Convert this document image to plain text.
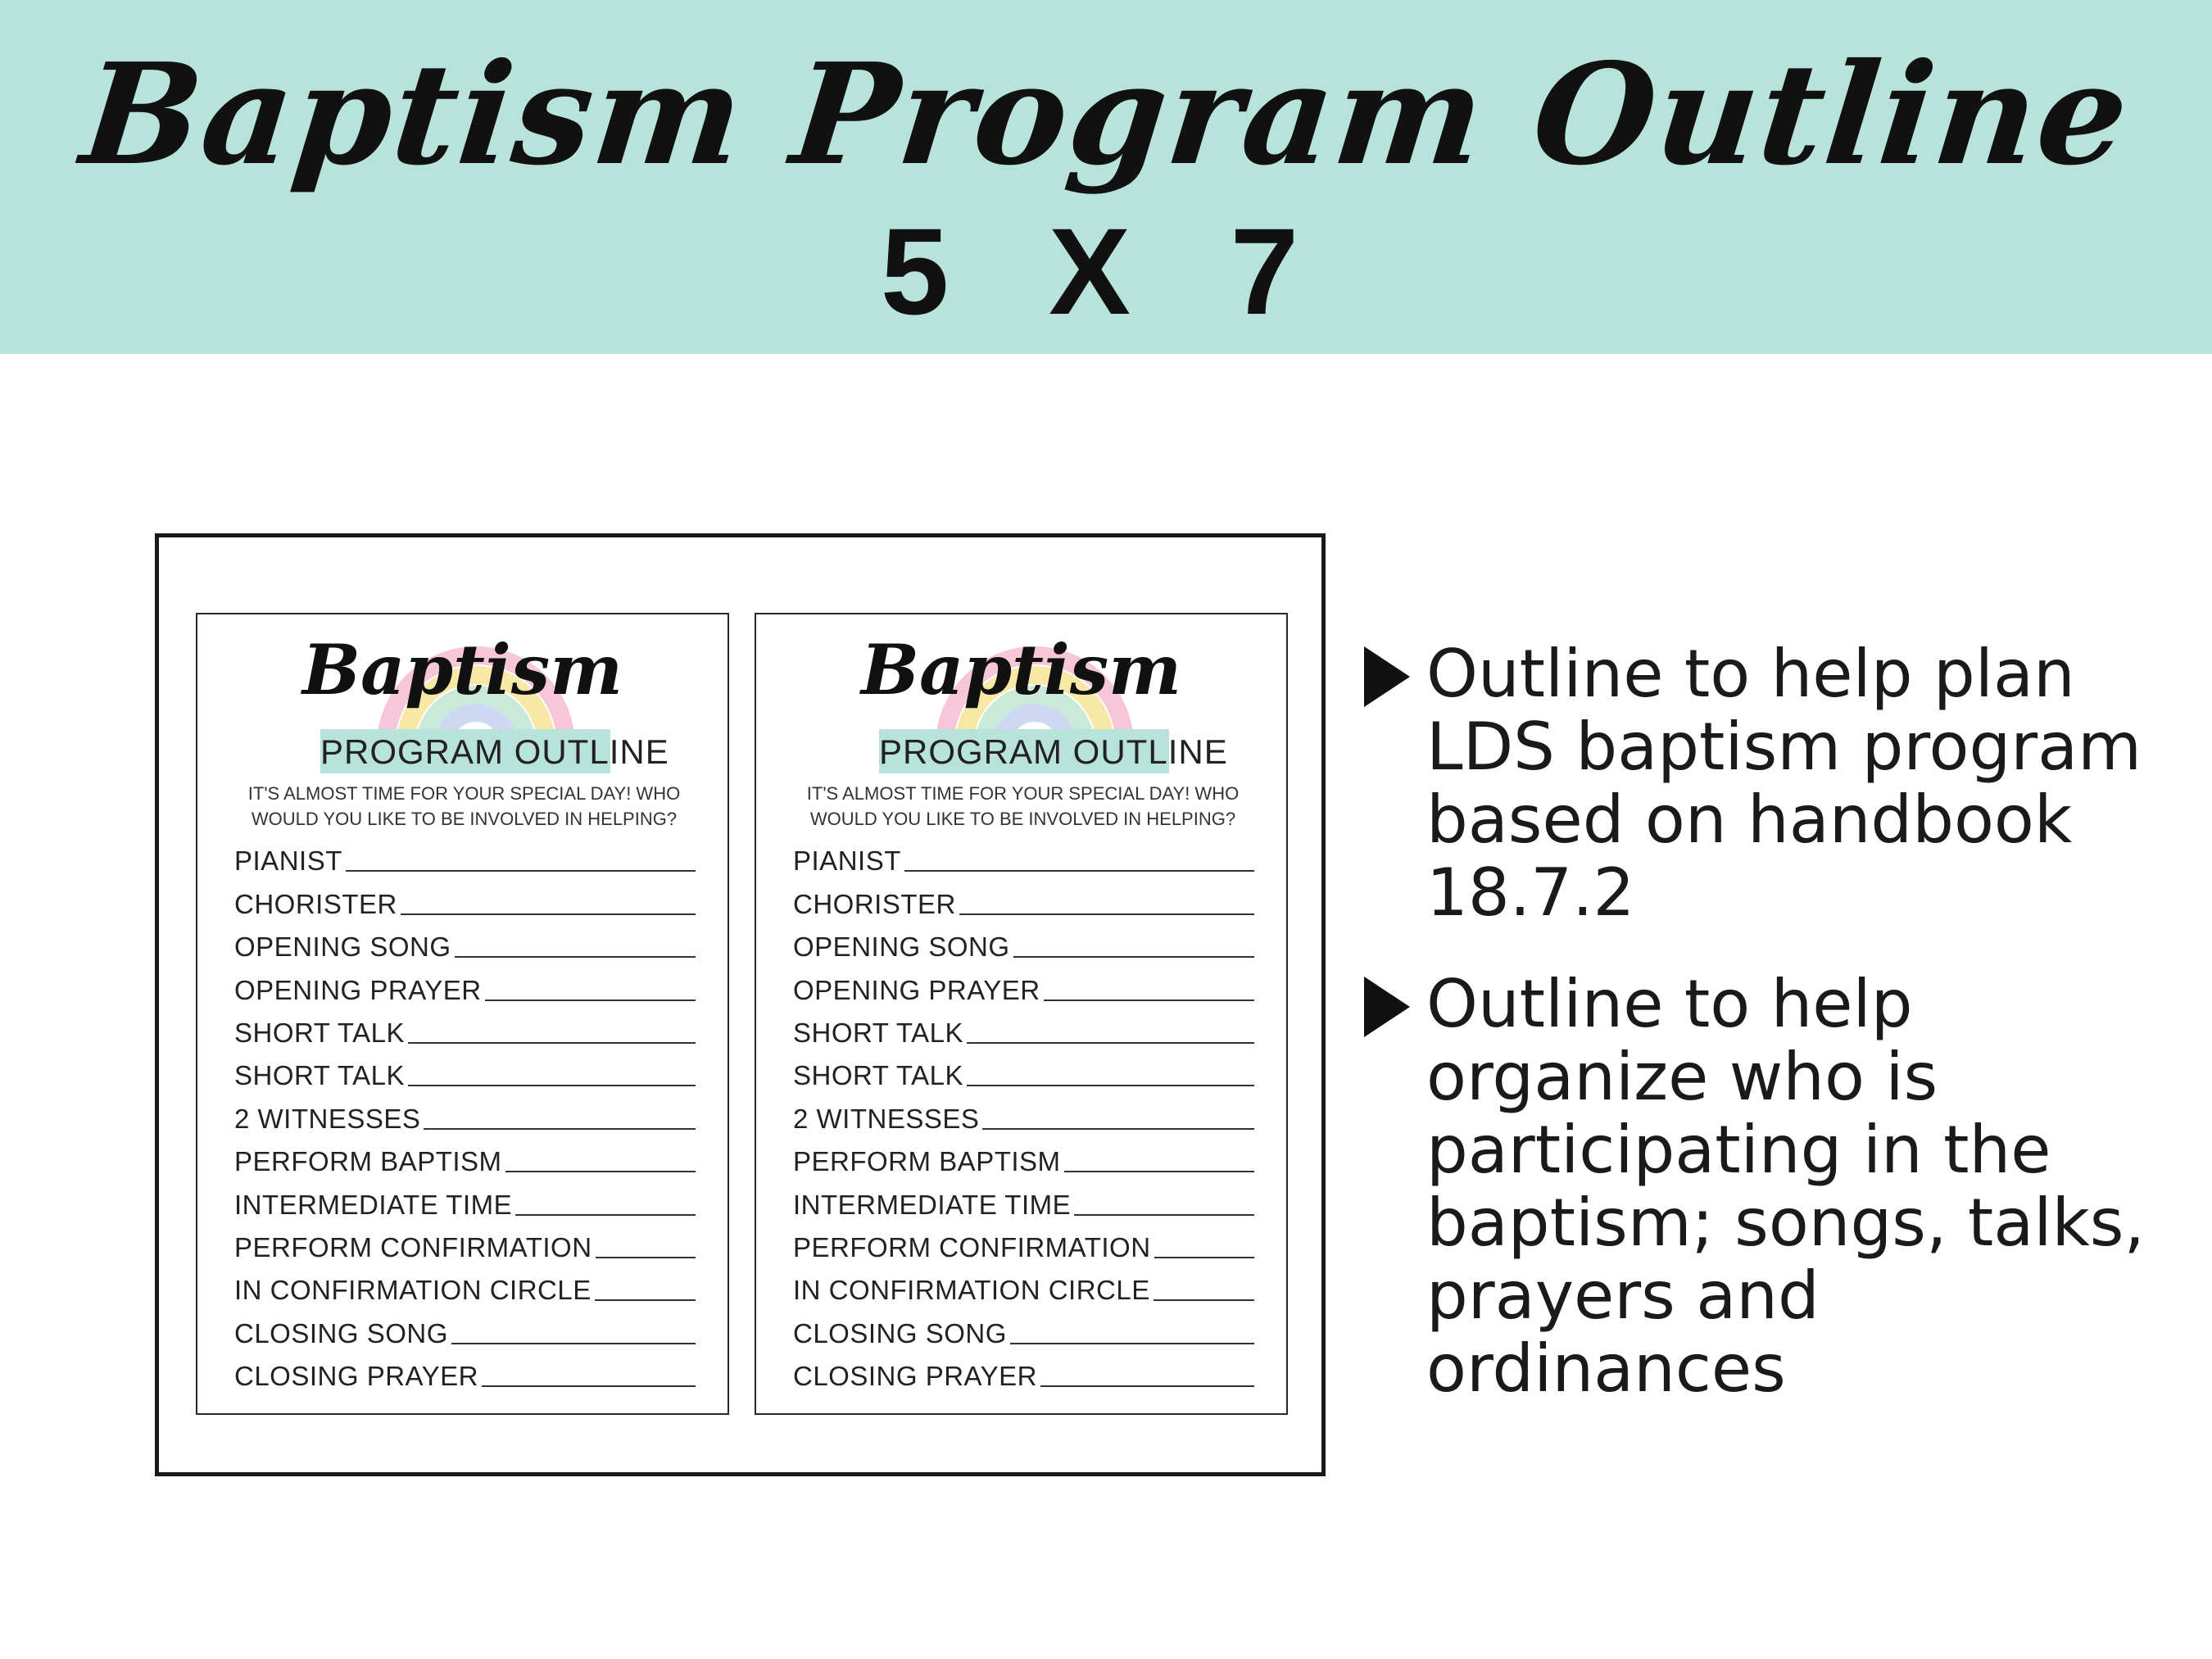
Baptism Program Outline
5 X 7
Baptism
PROGRAM OUTLINE
IT'S ALMOST TIME FOR YOUR SPECIAL DAY! WHO WOULD YOU LIKE TO BE INVOLVED IN HELPING?
PIANIST
CHORISTER
OPENING SONG
OPENING PRAYER
SHORT TALK
SHORT TALK
2 WITNESSES
PERFORM BAPTISM
INTERMEDIATE TIME
PERFORM CONFIRMATION
IN CONFIRMATION CIRCLE
CLOSING SONG
CLOSING PRAYER
Baptism
PROGRAM OUTLINE
IT'S ALMOST TIME FOR YOUR SPECIAL DAY! WHO WOULD YOU LIKE TO BE INVOLVED IN HELPING?
PIANIST
CHORISTER
OPENING SONG
OPENING PRAYER
SHORT TALK
SHORT TALK
2 WITNESSES
PERFORM BAPTISM
INTERMEDIATE TIME
PERFORM CONFIRMATION
IN CONFIRMATION CIRCLE
CLOSING SONG
CLOSING PRAYER
Outline to help plan LDS baptism program based on handbook 18.7.2
Outline to help organize who is participating in the baptism; songs, talks, prayers and ordinances
